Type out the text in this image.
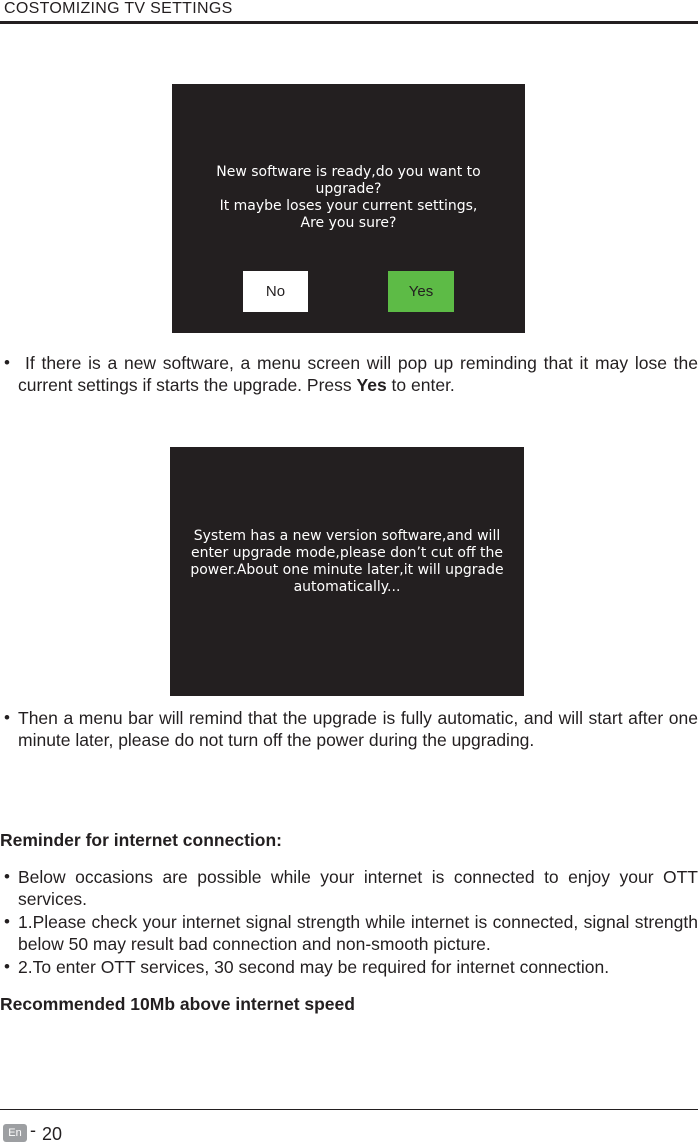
COSTOMIZING TV SETTINGS
New software is ready,do you want to
upgrade?
It maybe loses your current settings,
Are you sure?
No	Yes
• If there is a new software, a menu screen will pop up reminding that it may lose the current settings if starts the upgrade. Press Yes to enter.
System has a new version software,and will
enter upgrade mode,please don’t cut off the
power.About one minute later,it will upgrade
automatically...
• Then a menu bar will remind that the upgrade is fully automatic, and will start after one minute later, please do not turn off the power during the upgrading.
Reminder for internet connection:
• Below occasions are possible while your internet is connected to enjoy your OTT services.
• 1.Please check your internet signal strength while internet is connected, signal strength below 50 may result bad connection and non-smooth picture.
• 2.To enter OTT services, 30 second may be required for internet connection.
Recommended 10Mb above internet speed
En - 20
